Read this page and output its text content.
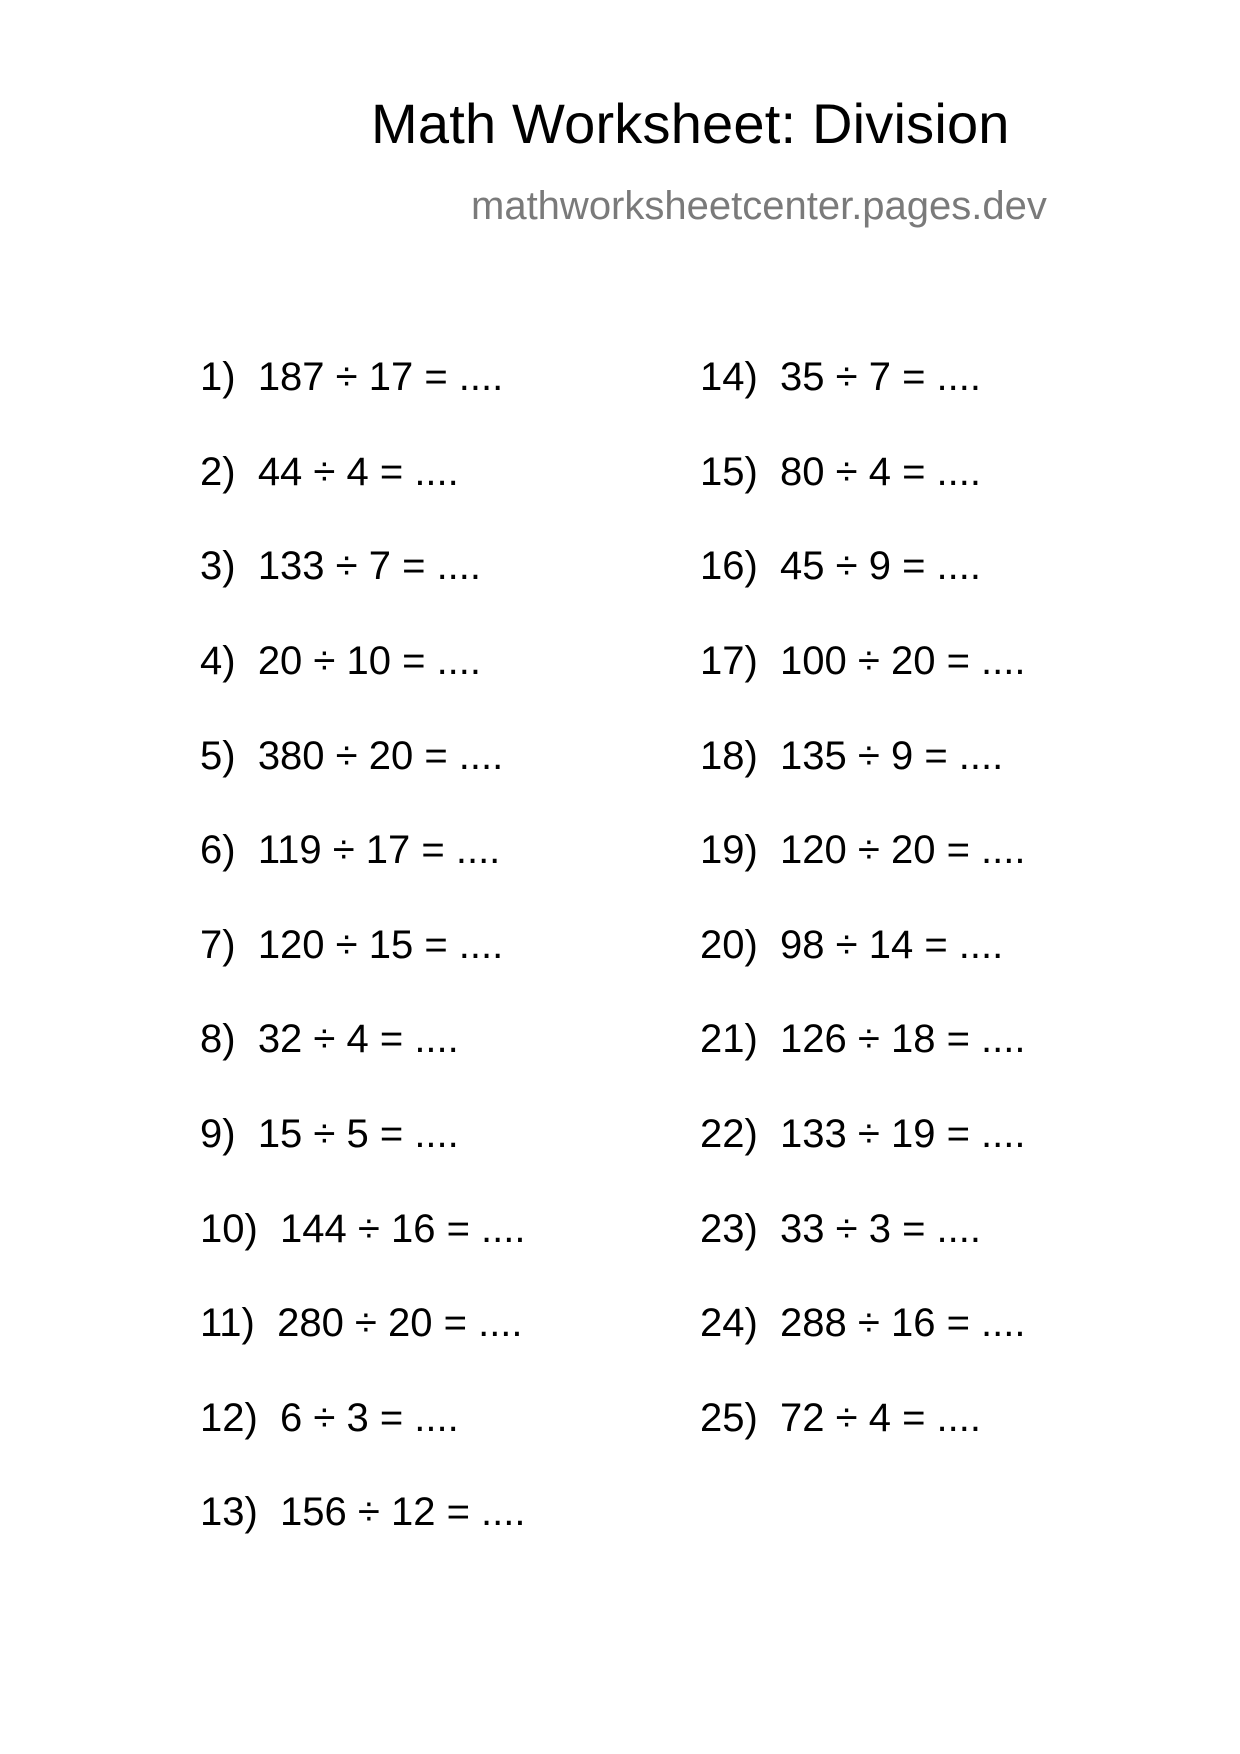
Math Worksheet: Division
mathworksheetcenter.pages.dev
1) 187 ÷ 17 = ....
2) 44 ÷ 4 = ....
3) 133 ÷ 7 = ....
4) 20 ÷ 10 = ....
5) 380 ÷ 20 = ....
6) 119 ÷ 17 = ....
7) 120 ÷ 15 = ....
8) 32 ÷ 4 = ....
9) 15 ÷ 5 = ....
10) 144 ÷ 16 = ....
11) 280 ÷ 20 = ....
12) 6 ÷ 3 = ....
13) 156 ÷ 12 = ....
14) 35 ÷ 7 = ....
15) 80 ÷ 4 = ....
16) 45 ÷ 9 = ....
17) 100 ÷ 20 = ....
18) 135 ÷ 9 = ....
19) 120 ÷ 20 = ....
20) 98 ÷ 14 = ....
21) 126 ÷ 18 = ....
22) 133 ÷ 19 = ....
23) 33 ÷ 3 = ....
24) 288 ÷ 16 = ....
25) 72 ÷ 4 = ....
